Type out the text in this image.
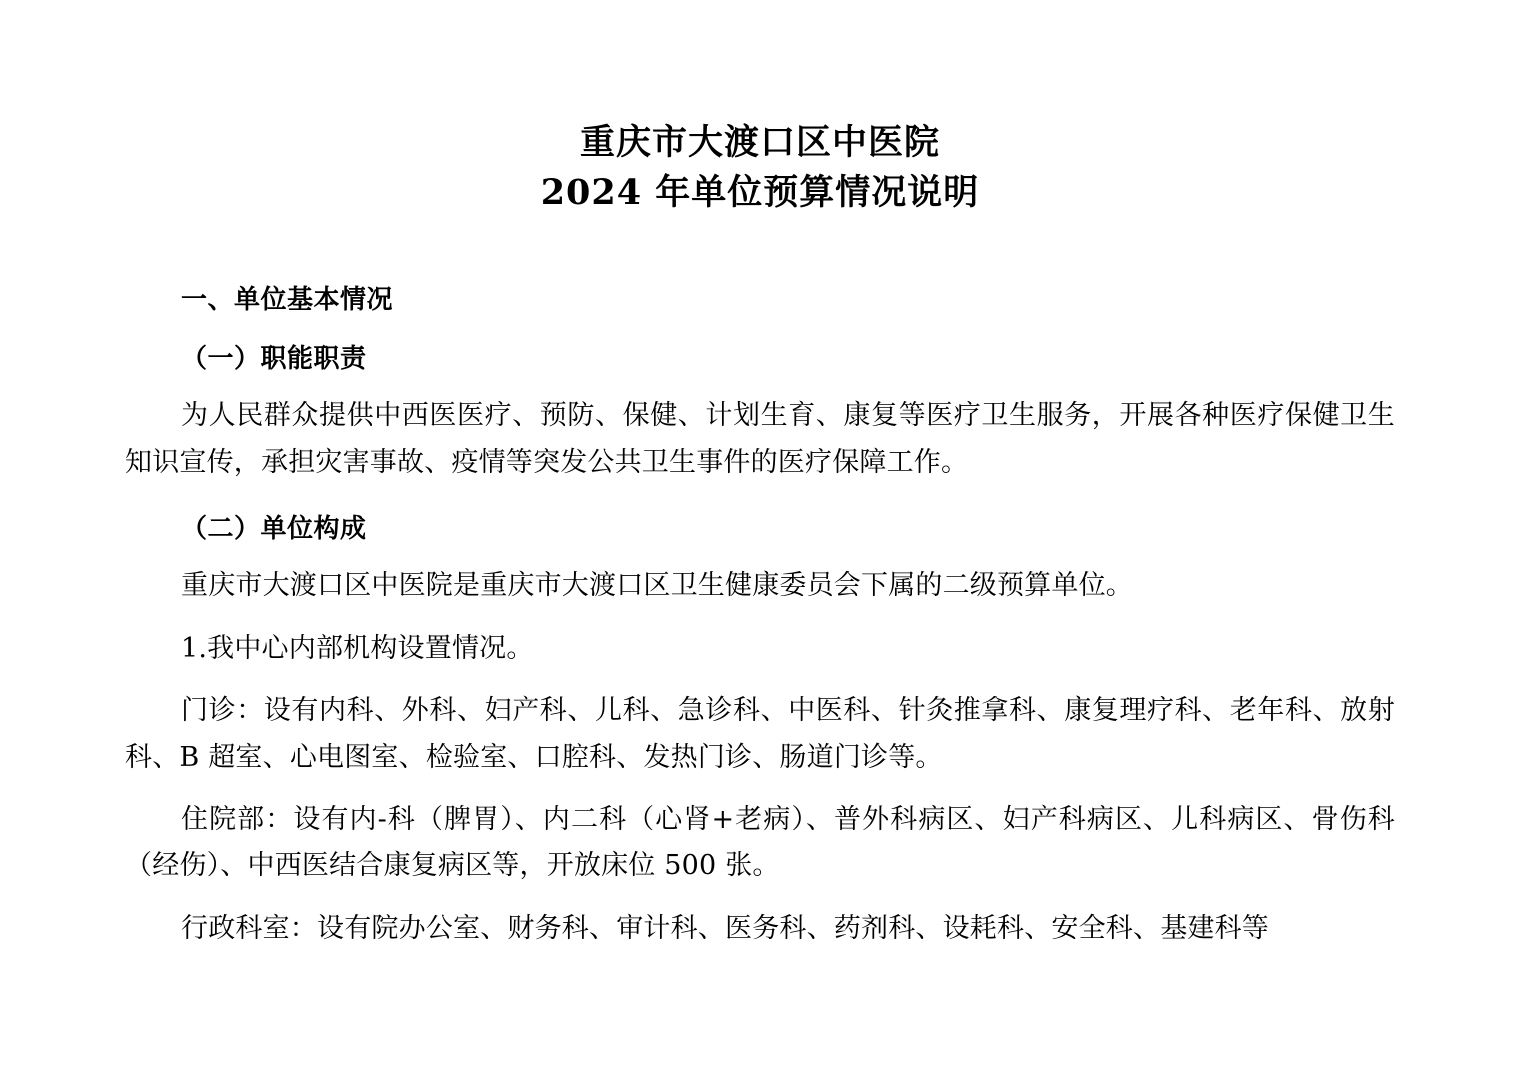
重庆市大渡口区中医院
2024 年单位预算情况说明
一、单位基本情况
（一）职能职责

为人民群众提供中西医医疗、预防、保健、计划生育、康复等医疗卫生服务，开展各种医疗保健卫生知识宣传，承担灾害事故、疫情等突发公共卫生事件的医疗保障工作。

（二）单位构成

重庆市大渡口区中医院是重庆市大渡口区卫生健康委员会下属的二级预算单位。

1.我中心内部机构设置情况。

门诊：设有内科、外科、妇产科、儿科、急诊科、中医科、针灸推拿科、康复理疗科、老年科、放射科、B 超室、心电图室、检验室、口腔科、发热门诊、肠道门诊等。

住院部：设有内-科（脾胃）、内二科（心肾+老病）、普外科病区、妇产科病区、儿科病区、骨伤科（经伤）、中西医结合康复病区等，开放床位 500 张。

行政科室：设有院办公室、财务科、审计科、医务科、药剂科、设耗科、安全科、基建科等
